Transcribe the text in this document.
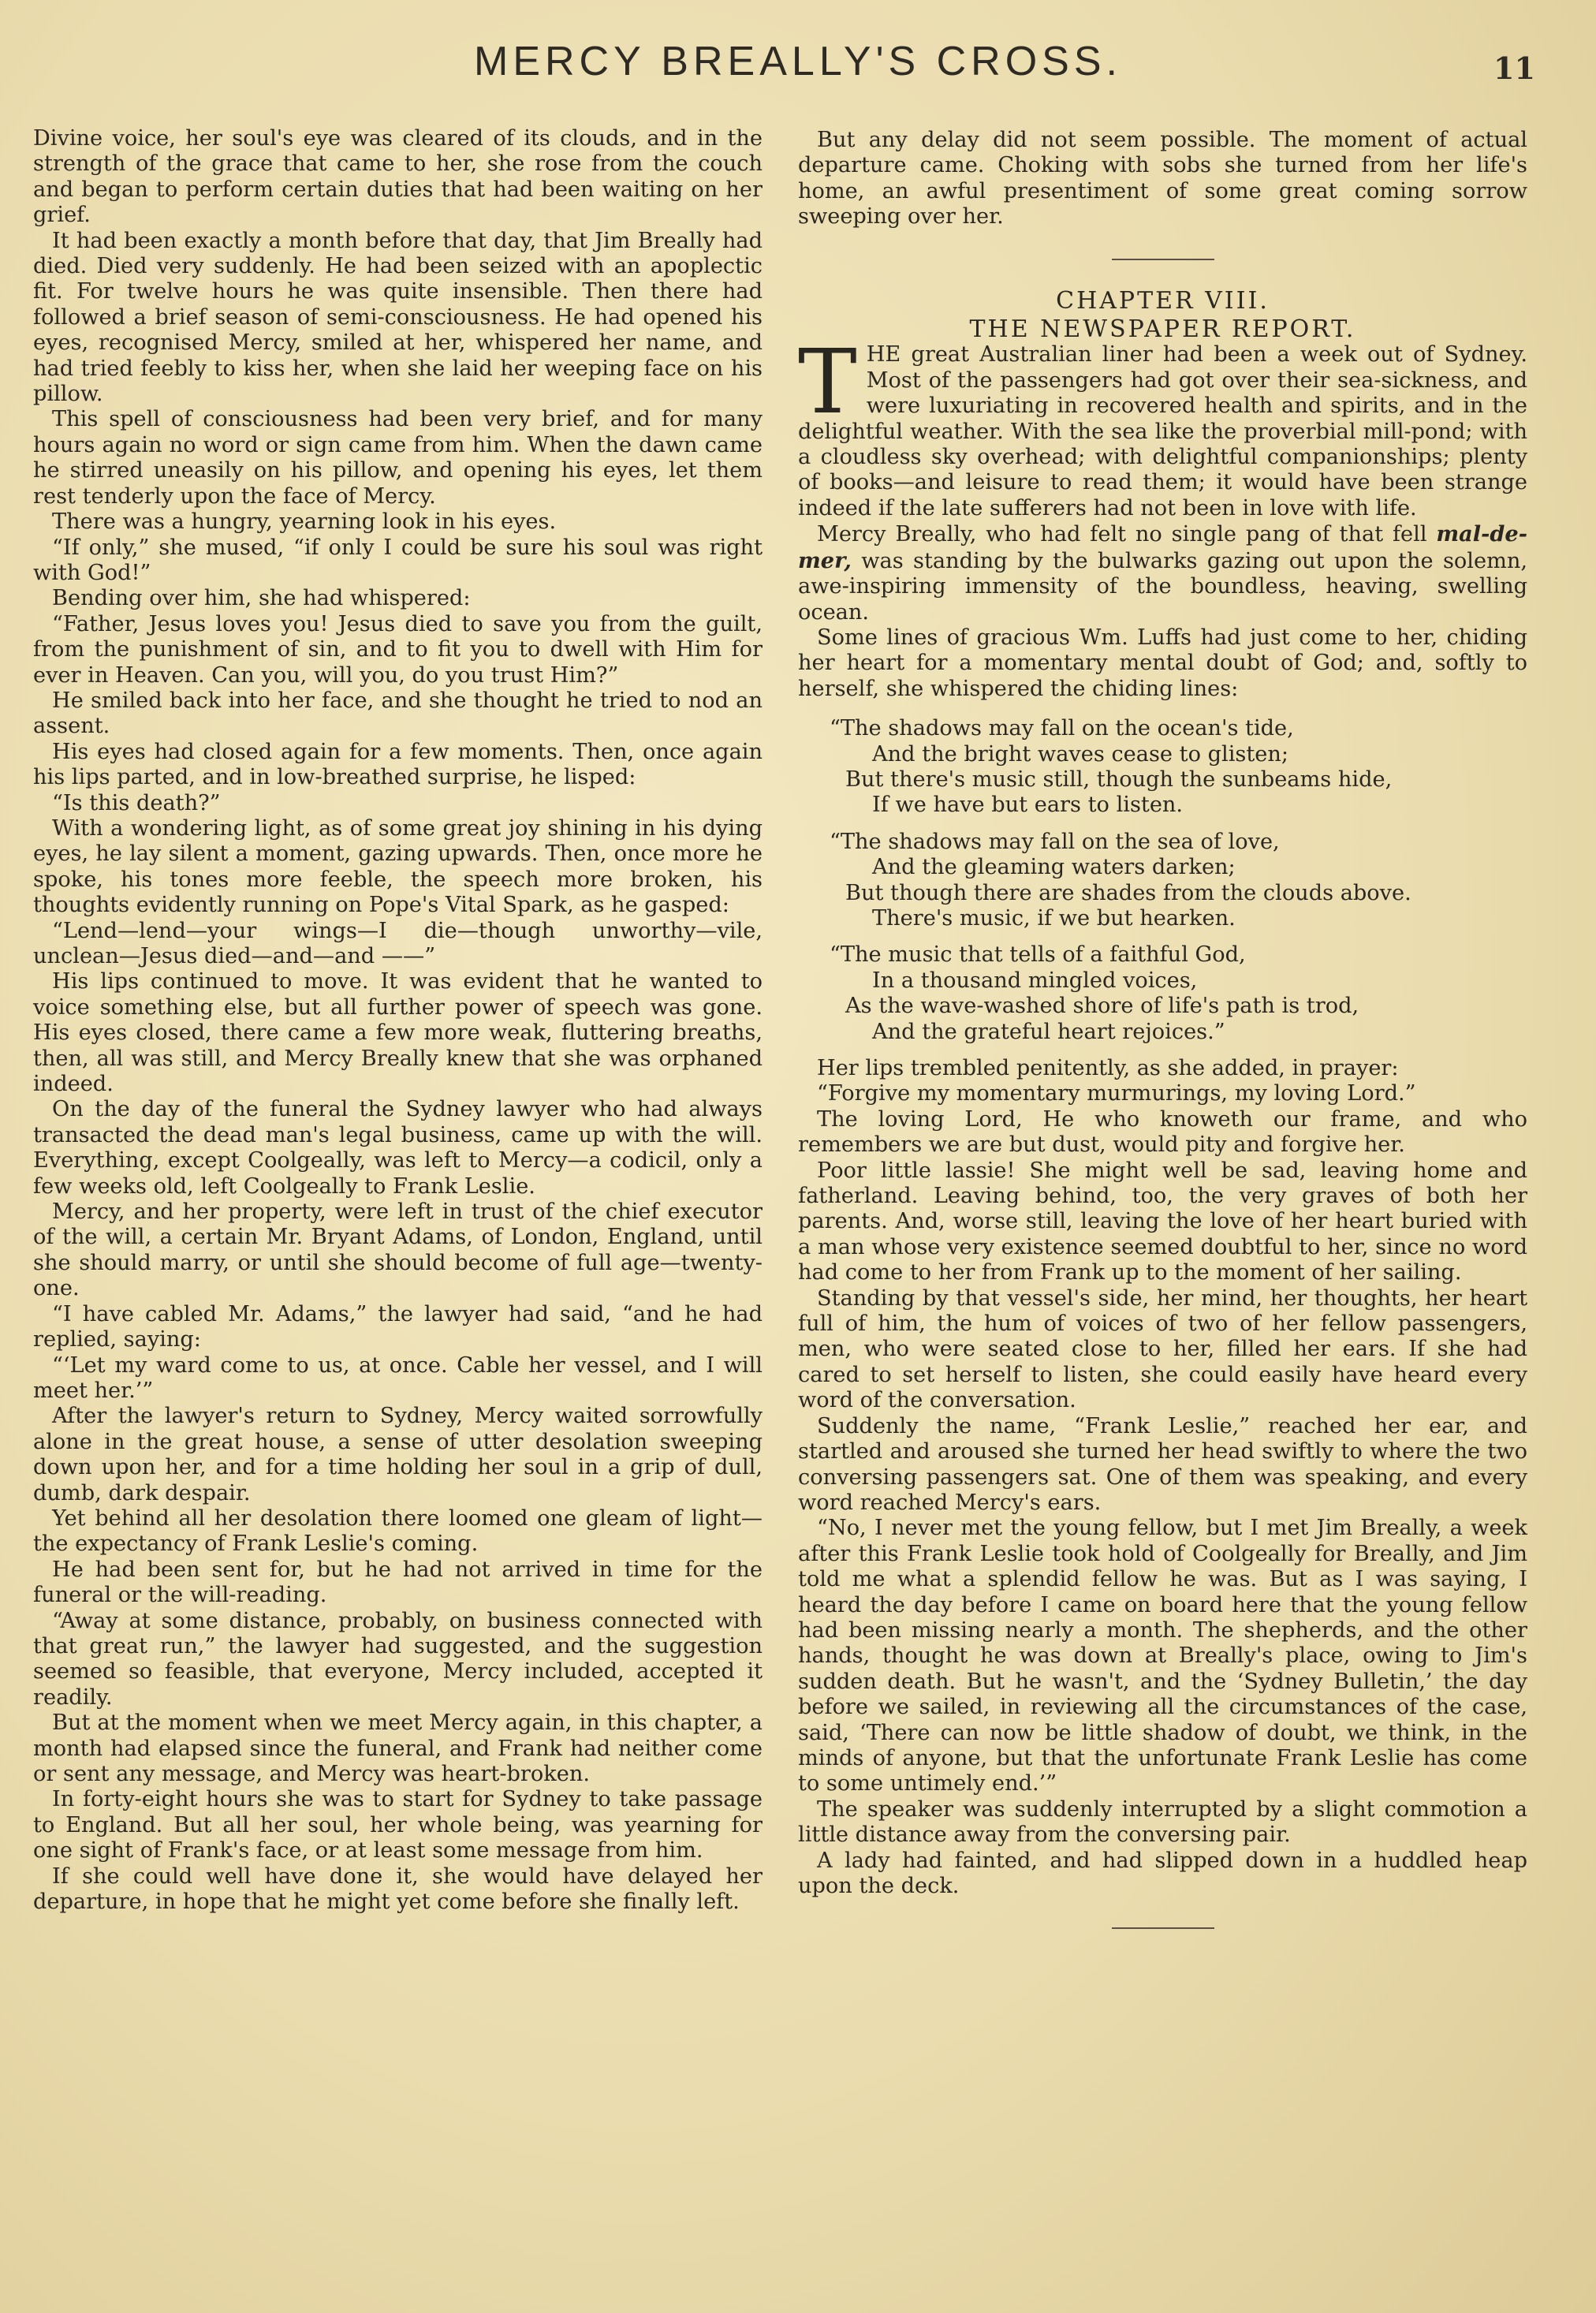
MERCY BREALLY'S CROSS.	11

Divine voice, her soul's eye was cleared of its clouds, and in the strength of the grace that came to her, she rose from the couch and began to perform certain duties that had been waiting on her grief.

It had been exactly a month before that day, that Jim Breally had died. Died very suddenly. He had been seized with an apoplectic fit. For twelve hours he was quite insensible. Then there had followed a brief season of semi-consciousness. He had opened his eyes, recognised Mercy, smiled at her, whispered her name, and had tried feebly to kiss her, when she laid her weeping face on his pillow.

This spell of consciousness had been very brief, and for many hours again no word or sign came from him. When the dawn came he stirred uneasily on his pillow, and opening his eyes, let them rest tenderly upon the face of Mercy.

There was a hungry, yearning look in his eyes.

“If only,” she mused, “if only I could be sure his soul was right with God!”

Bending over him, she had whispered:

“Father, Jesus loves you! Jesus died to save you from the guilt, from the punishment of sin, and to fit you to dwell with Him for ever in Heaven. Can you, will you, do you trust Him?”

He smiled back into her face, and she thought he tried to nod an assent.

His eyes had closed again for a few moments. Then, once again his lips parted, and in low-breathed surprise, he lisped:

“Is this death?”

With a wondering light, as of some great joy shining in his dying eyes, he lay silent a moment, gazing upwards. Then, once more he spoke, his tones more feeble, the speech more broken, his thoughts evidently running on Pope's Vital Spark, as he gasped:

“Lend—lend—your wings—I die—though unworthy—vile, unclean—Jesus died—and—and ——”

His lips continued to move. It was evident that he wanted to voice something else, but all further power of speech was gone. His eyes closed, there came a few more weak, fluttering breaths, then, all was still, and Mercy Breally knew that she was orphaned indeed.

On the day of the funeral the Sydney lawyer who had always transacted the dead man's legal business, came up with the will. Everything, except Coolgeally, was left to Mercy—a codicil, only a few weeks old, left Coolgeally to Frank Leslie.

Mercy, and her property, were left in trust of the chief executor of the will, a certain Mr. Bryant Adams, of London, England, until she should marry, or until she should become of full age—twenty-one.

“I have cabled Mr. Adams,” the lawyer had said, “and he had replied, saying:

“‘Let my ward come to us, at once. Cable her vessel, and I will meet her.’”

After the lawyer's return to Sydney, Mercy waited sorrowfully alone in the great house, a sense of utter desolation sweeping down upon her, and for a time holding her soul in a grip of dull, dumb, dark despair.

Yet behind all her desolation there loomed one gleam of light—the expectancy of Frank Leslie's coming.

He had been sent for, but he had not arrived in time for the funeral or the will-reading.

“Away at some distance, probably, on business connected with that great run,” the lawyer had suggested, and the suggestion seemed so feasible, that everyone, Mercy included, accepted it readily.

But at the moment when we meet Mercy again, in this chapter, a month had elapsed since the funeral, and Frank had neither come or sent any message, and Mercy was heart-broken.

In forty-eight hours she was to start for Sydney to take passage to England. But all her soul, her whole being, was yearning for one sight of Frank's face, or at least some message from him.

If she could well have done it, she would have delayed her departure, in hope that he might yet come before she finally left.

But any delay did not seem possible. The moment of actual departure came. Choking with sobs she turned from her life's home, an awful presentiment of some great coming sorrow sweeping over her.

CHAPTER VIII.
THE NEWSPAPER REPORT.

THE great Australian liner had been a week out of Sydney. Most of the passengers had got over their sea-sickness, and were luxuriating in recovered health and spirits, and in the delightful weather. With the sea like the proverbial mill-pond; with a cloudless sky overhead; with delightful companionships; plenty of books—and leisure to read them; it would have been strange indeed if the late sufferers had not been in love with life.

Mercy Breally, who had felt no single pang of that fell mal-de-mer, was standing by the bulwarks gazing out upon the solemn, awe-inspiring immensity of the boundless, heaving, swelling ocean.

Some lines of gracious Wm. Luffs had just come to her, chiding her heart for a momentary mental doubt of God; and, softly to herself, she whispered the chiding lines:

“The shadows may fall on the ocean's tide,
And the bright waves cease to glisten;
But there's music still, though the sunbeams hide,
If we have but ears to listen.
“The shadows may fall on the sea of love,
And the gleaming waters darken;
But though there are shades from the clouds above.
There's music, if we but hearken.
“The music that tells of a faithful God,
In a thousand mingled voices,
As the wave-washed shore of life's path is trod,
And the grateful heart rejoices.”

Her lips trembled penitently, as she added, in prayer:

“Forgive my momentary murmurings, my loving Lord.”

The loving Lord, He who knoweth our frame, and who remembers we are but dust, would pity and forgive her.

Poor little lassie! She might well be sad, leaving home and fatherland. Leaving behind, too, the very graves of both her parents. And, worse still, leaving the love of her heart buried with a man whose very existence seemed doubtful to her, since no word had come to her from Frank up to the moment of her sailing.

Standing by that vessel's side, her mind, her thoughts, her heart full of him, the hum of voices of two of her fellow passengers, men, who were seated close to her, filled her ears. If she had cared to set herself to listen, she could easily have heard every word of the conversation.

Suddenly the name, “Frank Leslie,” reached her ear, and startled and aroused she turned her head swiftly to where the two conversing passengers sat. One of them was speaking, and every word reached Mercy's ears.

“No, I never met the young fellow, but I met Jim Breally, a week after this Frank Leslie took hold of Coolgeally for Breally, and Jim told me what a splendid fellow he was. But as I was saying, I heard the day before I came on board here that the young fellow had been missing nearly a month. The shepherds, and the other hands, thought he was down at Breally's place, owing to Jim's sudden death. But he wasn't, and the ‘Sydney Bulletin,’ the day before we sailed, in reviewing all the circumstances of the case, said, ‘There can now be little shadow of doubt, we think, in the minds of anyone, but that the unfortunate Frank Leslie has come to some untimely end.’”

The speaker was suddenly interrupted by a slight commotion a little distance away from the conversing pair.

A lady had fainted, and had slipped down in a huddled heap upon the deck.
